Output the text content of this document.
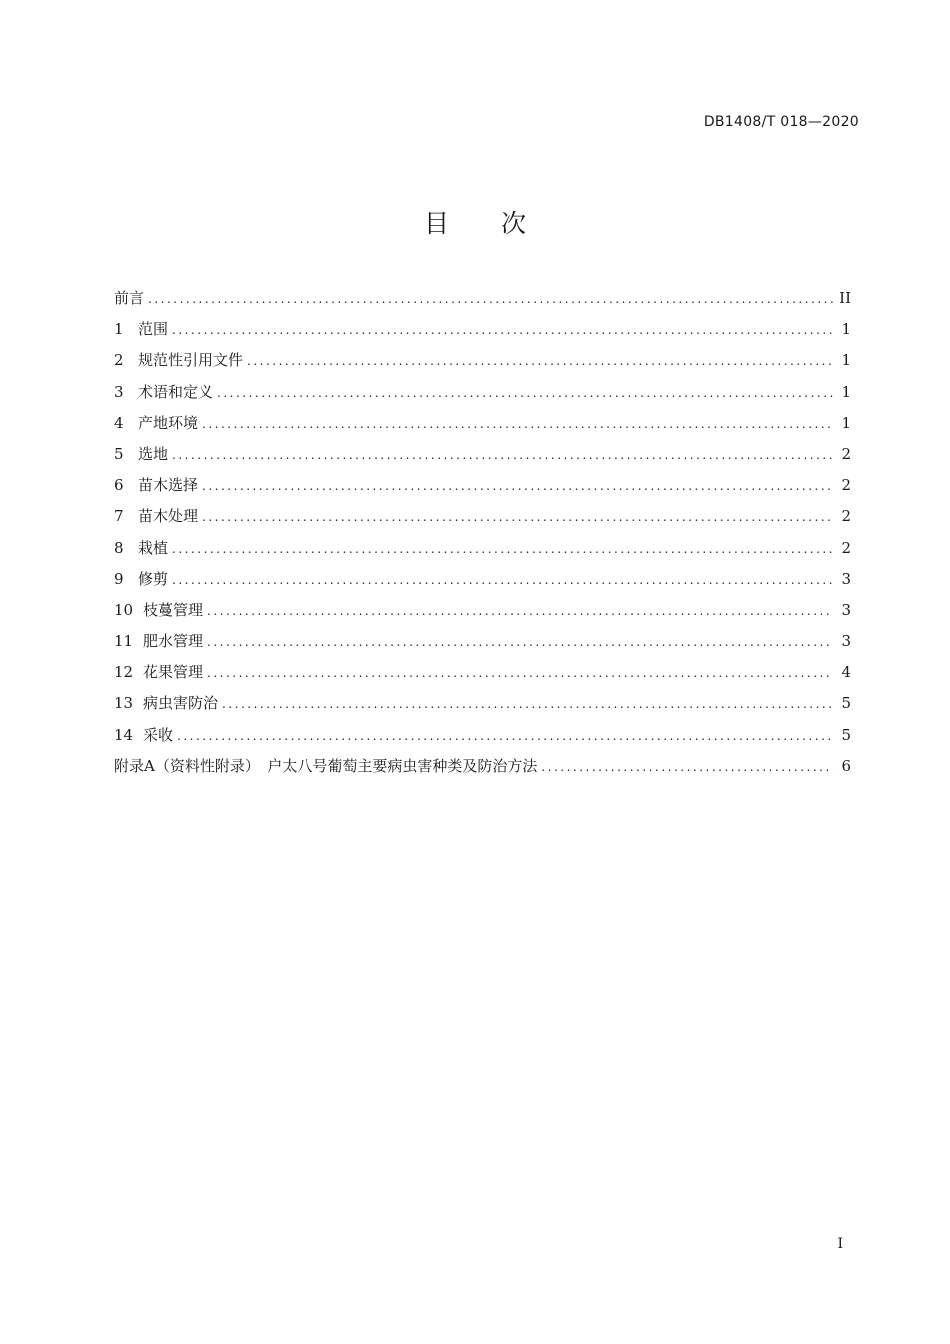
DB1408/T 018—2020
目 次
前言 .....	II
1 范围 .....	1
2 规范性引用文件 .....	1
3 术语和定义 .....	1
4 产地环境 .....	1
5 选地 .....	2
6 苗木选择 .....	2
7 苗木处理 .....	2
8 栽植 .....	2
9 修剪 .....	3
10 枝蔓管理 .....	3
11 肥水管理 .....	3
12 花果管理 .....	4
13 病虫害防治 .....	5
14 采收 .....	5
附录A（资料性附录）　户太八号葡萄主要病虫害种类及防治方法 .....	6
I
